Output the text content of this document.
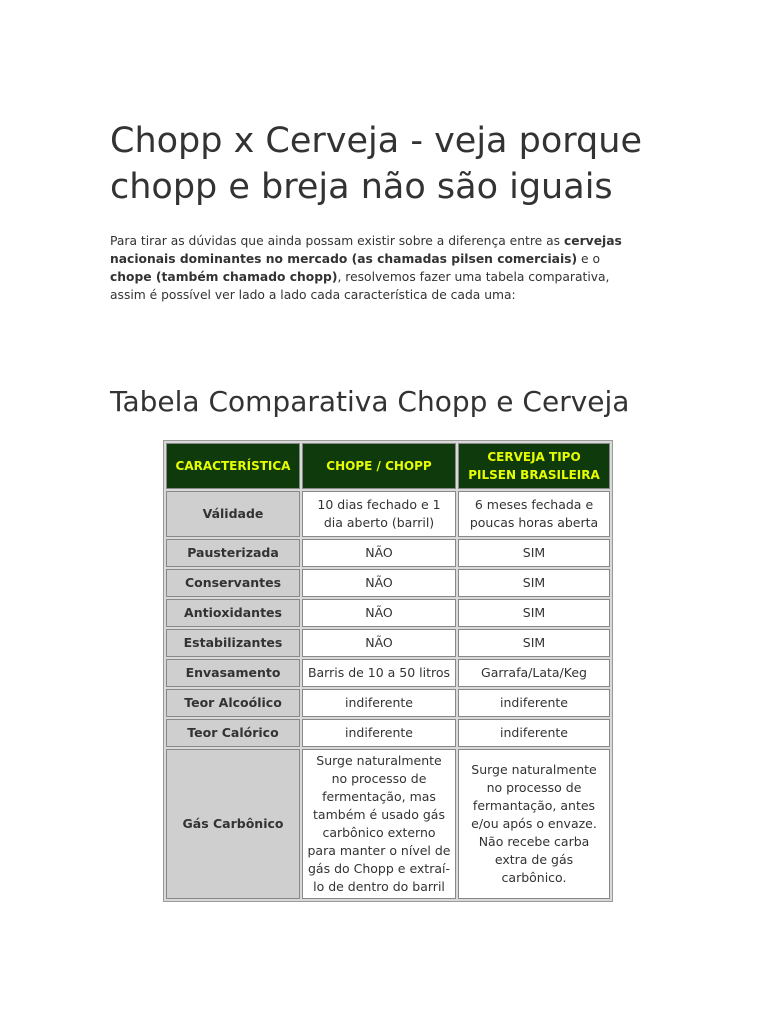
Chopp x Cerveja - veja porque chopp e breja não são iguais

Para tirar as dúvidas que ainda possam existir sobre a diferença entre as cervejas nacionais dominantes no mercado (as chamadas pilsen comerciais) e o chope (também chamado chopp), resolvemos fazer uma tabela comparativa, assim é possível ver lado a lado cada característica de cada uma:

Tabela Comparativa Chopp e Cerveja
CARACTERÍSTICA	CHOPE / CHOPP	CERVEJA TIPO PILSEN BRASILEIRA
Válidade	10 dias fechado e 1 dia aberto (barril)	6 meses fechada e poucas horas aberta
Pausterizada	NÃO	SIM
Conservantes	NÃO	SIM
Antioxidantes	NÃO	SIM
Estabilizantes	NÃO	SIM
Envasamento	Barris de 10 a 50 litros	Garrafa/Lata/Keg
Teor Alcoólico	indiferente	indiferente
Teor Calórico	indiferente	indiferente
Gás Carbônico	Surge naturalmente no processo de fermentação, mas também é usado gás carbônico externo para manter o nível de gás do Chopp e extraí-lo de dentro do barril	Surge naturalmente no processo de fermantação, antes e/ou após o envaze. Não recebe carba extra de gás carbônico.
